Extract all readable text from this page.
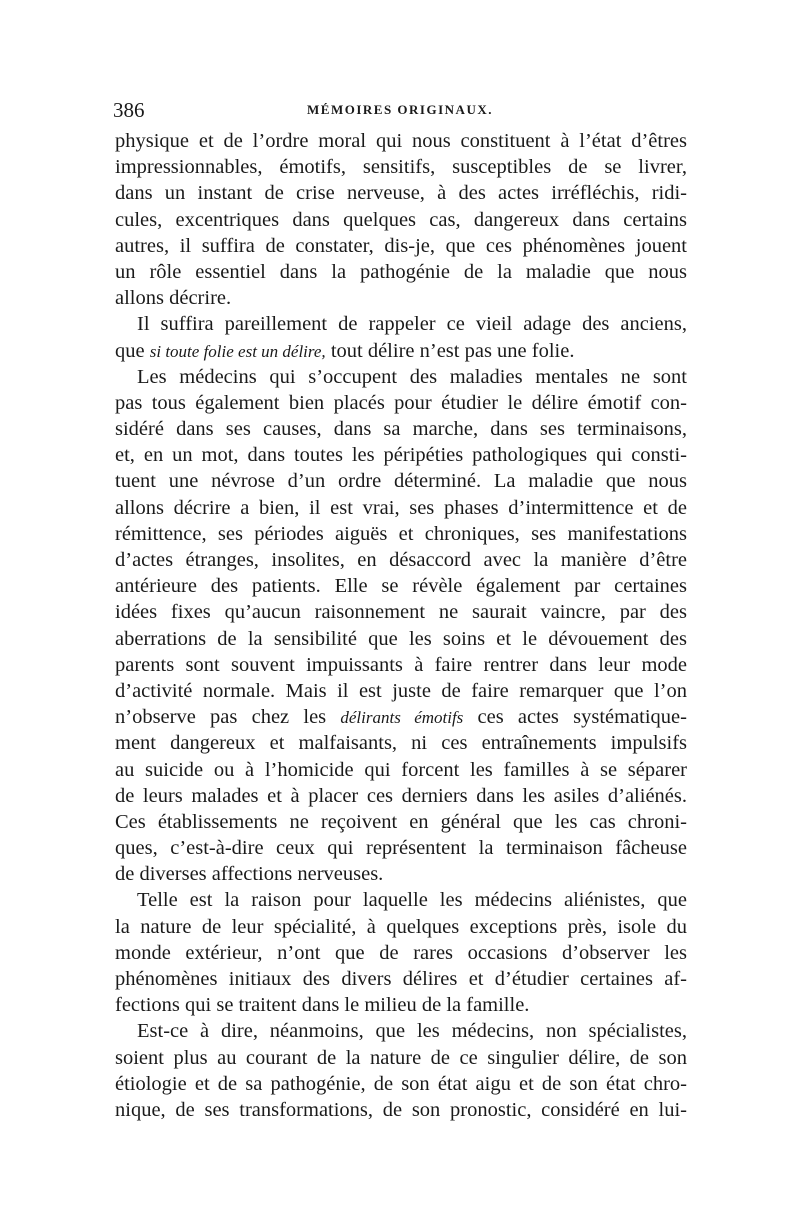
386	MÉMOIRES ORIGINAUX.
physique et de l’ordre moral qui nous constituent à l’état d’êtres
impressionnables, émotifs, sensitifs, susceptibles de se livrer,
dans un instant de crise nerveuse, à des actes irréfléchis, ridi-
cules, excentriques dans quelques cas, dangereux dans certains
autres, il suffira de constater, dis-je, que ces phénomènes jouent
un rôle essentiel dans la pathogénie de la maladie que nous
allons décrire.
Il suffira pareillement de rappeler ce vieil adage des anciens,
que si toute folie est un délire, tout délire n’est pas une folie.
Les médecins qui s’occupent des maladies mentales ne sont
pas tous également bien placés pour étudier le délire émotif con-
sidéré dans ses causes, dans sa marche, dans ses terminaisons,
et, en un mot, dans toutes les péripéties pathologiques qui consti-
tuent une névrose d’un ordre déterminé. La maladie que nous
allons décrire a bien, il est vrai, ses phases d’intermittence et de
rémittence, ses périodes aiguës et chroniques, ses manifestations
d’actes étranges, insolites, en désaccord avec la manière d’être
antérieure des patients. Elle se révèle également par certaines
idées fixes qu’aucun raisonnement ne saurait vaincre, par des
aberrations de la sensibilité que les soins et le dévouement des
parents sont souvent impuissants à faire rentrer dans leur mode
d’activité normale. Mais il est juste de faire remarquer que l’on
n’observe pas chez les délirants émotifs ces actes systématique-
ment dangereux et malfaisants, ni ces entraînements impulsifs
au suicide ou à l’homicide qui forcent les familles à se séparer
de leurs malades et à placer ces derniers dans les asiles d’aliénés.
Ces établissements ne reçoivent en général que les cas chroni-
ques, c’est-à-dire ceux qui représentent la terminaison fâcheuse
de diverses affections nerveuses.
Telle est la raison pour laquelle les médecins aliénistes, que
la nature de leur spécialité, à quelques exceptions près, isole du
monde extérieur, n’ont que de rares occasions d’observer les
phénomènes initiaux des divers délires et d’étudier certaines af-
fections qui se traitent dans le milieu de la famille.
Est-ce à dire, néanmoins, que les médecins, non spécialistes,
soient plus au courant de la nature de ce singulier délire, de son
étiologie et de sa pathogénie, de son état aigu et de son état chro-
nique, de ses transformations, de son pronostic, considéré en lui-
